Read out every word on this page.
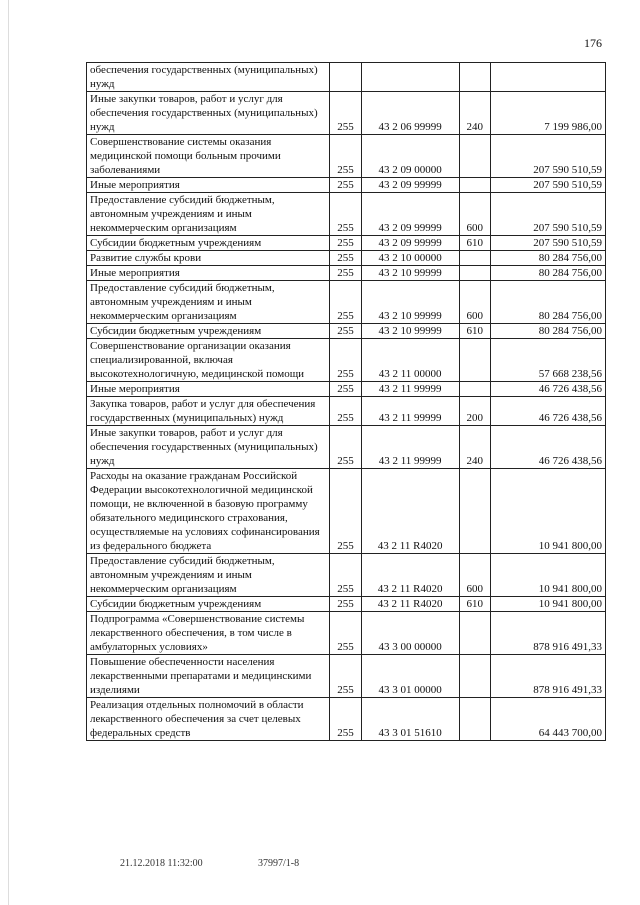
176
обеспечения государственных (муниципальных) нужд				
Иные закупки товаров, работ и услуг для обеспечения государственных (муниципальных) нужд	255	43 2 06 99999	240	7 199 986,00
Совершенствование системы оказания медицинской помощи больным прочими заболеваниями	255	43 2 09 00000		207 590 510,59
Иные мероприятия	255	43 2 09 99999		207 590 510,59
Предоставление субсидий бюджетным, автономным учреждениям и иным некоммерческим организациям	255	43 2 09 99999	600	207 590 510,59
Субсидии бюджетным учреждениям	255	43 2 09 99999	610	207 590 510,59
Развитие службы крови	255	43 2 10 00000		80 284 756,00
Иные мероприятия	255	43 2 10 99999		80 284 756,00
Предоставление субсидий бюджетным, автономным учреждениям и иным некоммерческим организациям	255	43 2 10 99999	600	80 284 756,00
Субсидии бюджетным учреждениям	255	43 2 10 99999	610	80 284 756,00
Совершенствование организации оказания специализированной, включая высокотехнологичную, медицинской помощи	255	43 2 11 00000		57 668 238,56
Иные мероприятия	255	43 2 11 99999		46 726 438,56
Закупка товаров, работ и услуг для обеспечения государственных (муниципальных) нужд	255	43 2 11 99999	200	46 726 438,56
Иные закупки товаров, работ и услуг для обеспечения государственных (муниципальных) нужд	255	43 2 11 99999	240	46 726 438,56
Расходы на оказание гражданам Российской Федерации высокотехнологичной медицинской помощи, не включенной в базовую программу обязательного медицинского страхования, осуществляемые на условиях софинансирования из федерального бюджета	255	43 2 11 R4020		10 941 800,00
Предоставление субсидий бюджетным, автономным учреждениям и иным некоммерческим организациям	255	43 2 11 R4020	600	10 941 800,00
Субсидии бюджетным учреждениям	255	43 2 11 R4020	610	10 941 800,00
Подпрограмма «Совершенствование системы лекарственного обеспечения, в том числе в амбулаторных условиях»	255	43 3 00 00000		878 916 491,33
Повышение обеспеченности населения лекарственными препаратами и медицинскими изделиями	255	43 3 01 00000		878 916 491,33
Реализация отдельных полномочий в области лекарственного обеспечения за счет целевых федеральных средств	255	43 3 01 51610		64 443 700,00
21.12.2018 11:32:00	37997/1-8
